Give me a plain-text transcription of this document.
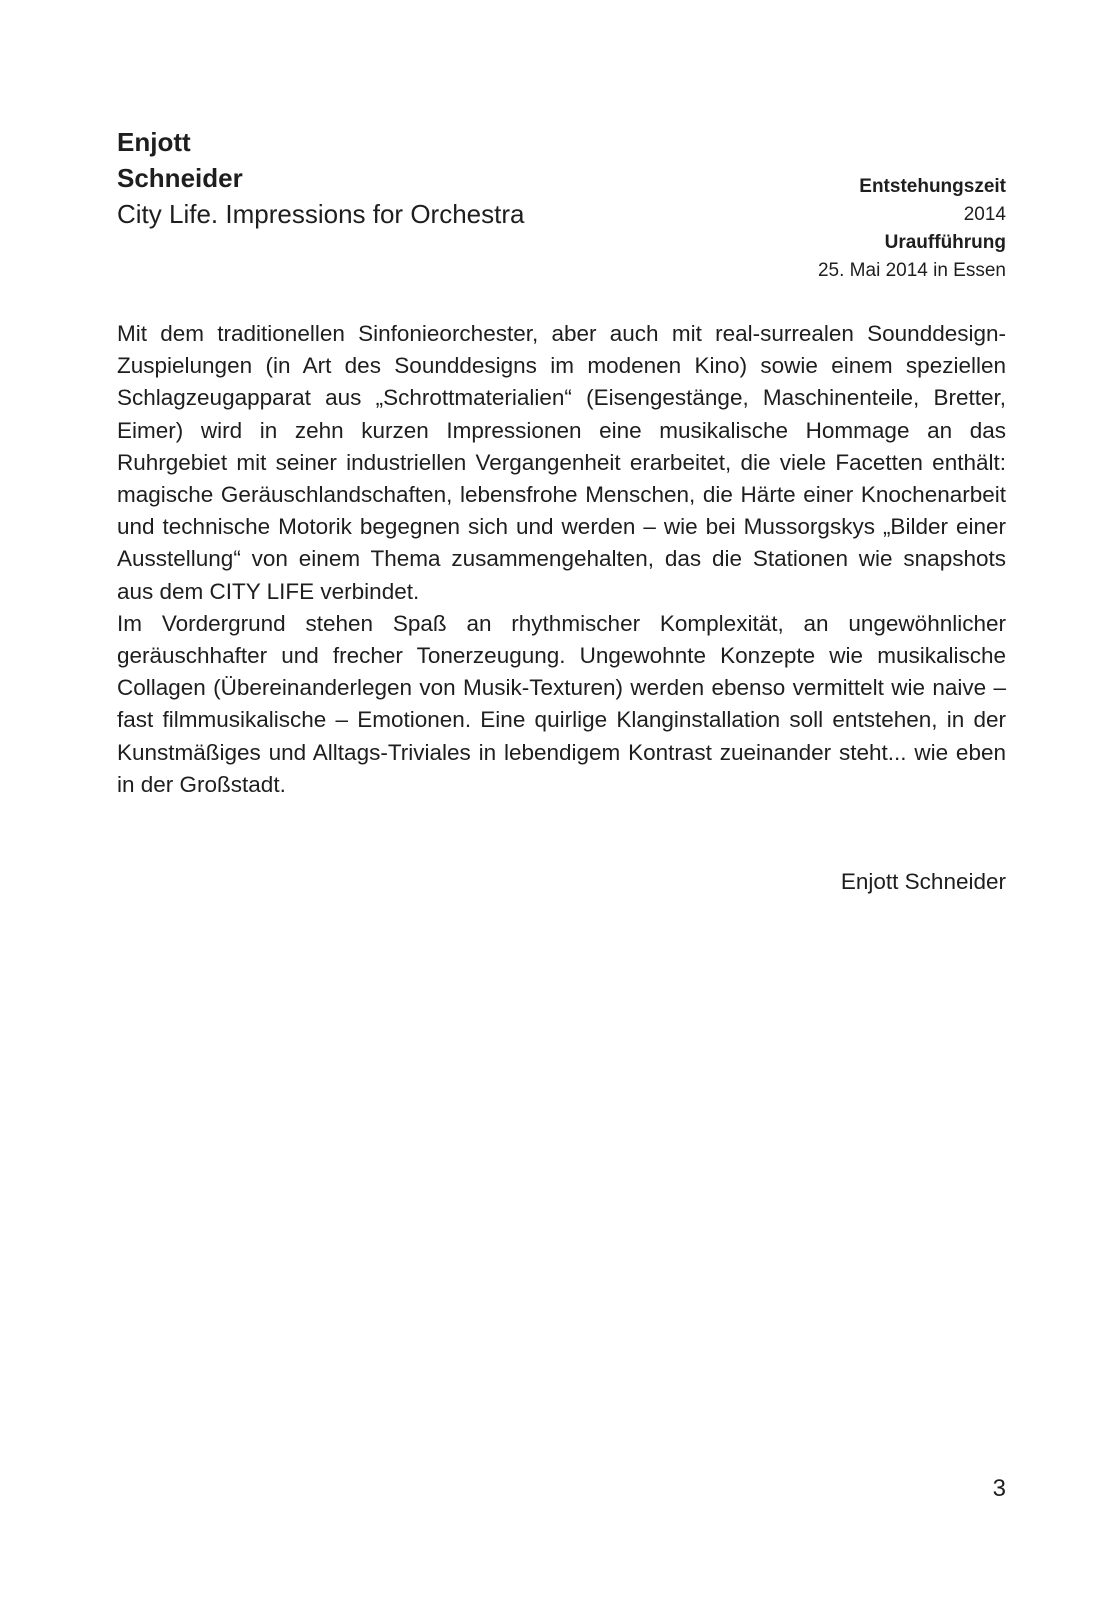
Enjott
Schneider
City Life. Impressions for Orchestra
Entstehungszeit
2014
Uraufführung
25. Mai 2014 in Essen

Mit dem traditionellen Sinfonieorchester, aber auch mit real-surrealen Sounddesign-Zuspielungen (in Art des Sounddesigns im modenen Kino) sowie einem speziellen Schlagzeugapparat aus „Schrottmaterialien“ (Eisengestänge, Maschinenteile, Bretter, Eimer) wird in zehn kurzen Impressionen eine musikalische Hommage an das Ruhrgebiet mit seiner industriellen Vergangenheit erarbeitet, die viele Facetten enthält: magische Geräuschlandschaften, lebensfrohe Menschen, die Härte einer Knochenarbeit und technische Motorik begegnen sich und werden – wie bei Mussorgskys „Bilder einer Ausstellung“ von einem Thema zusammengehalten, das die Stationen wie snapshots aus dem CITY LIFE verbindet.

Im Vordergrund stehen Spaß an rhythmischer Komplexität, an ungewöhnlicher geräuschhafter und frecher Tonerzeugung. Ungewohnte Konzepte wie musikalische Collagen (Übereinanderlegen von Musik-Texturen) werden ebenso vermittelt wie naive – fast filmmusikalische – Emotionen. Eine quirlige Klanginstallation soll entstehen, in der Kunstmäßiges und Alltags-Triviales in lebendigem Kontrast zueinander steht... wie eben in der Großstadt.

Enjott Schneider
3
